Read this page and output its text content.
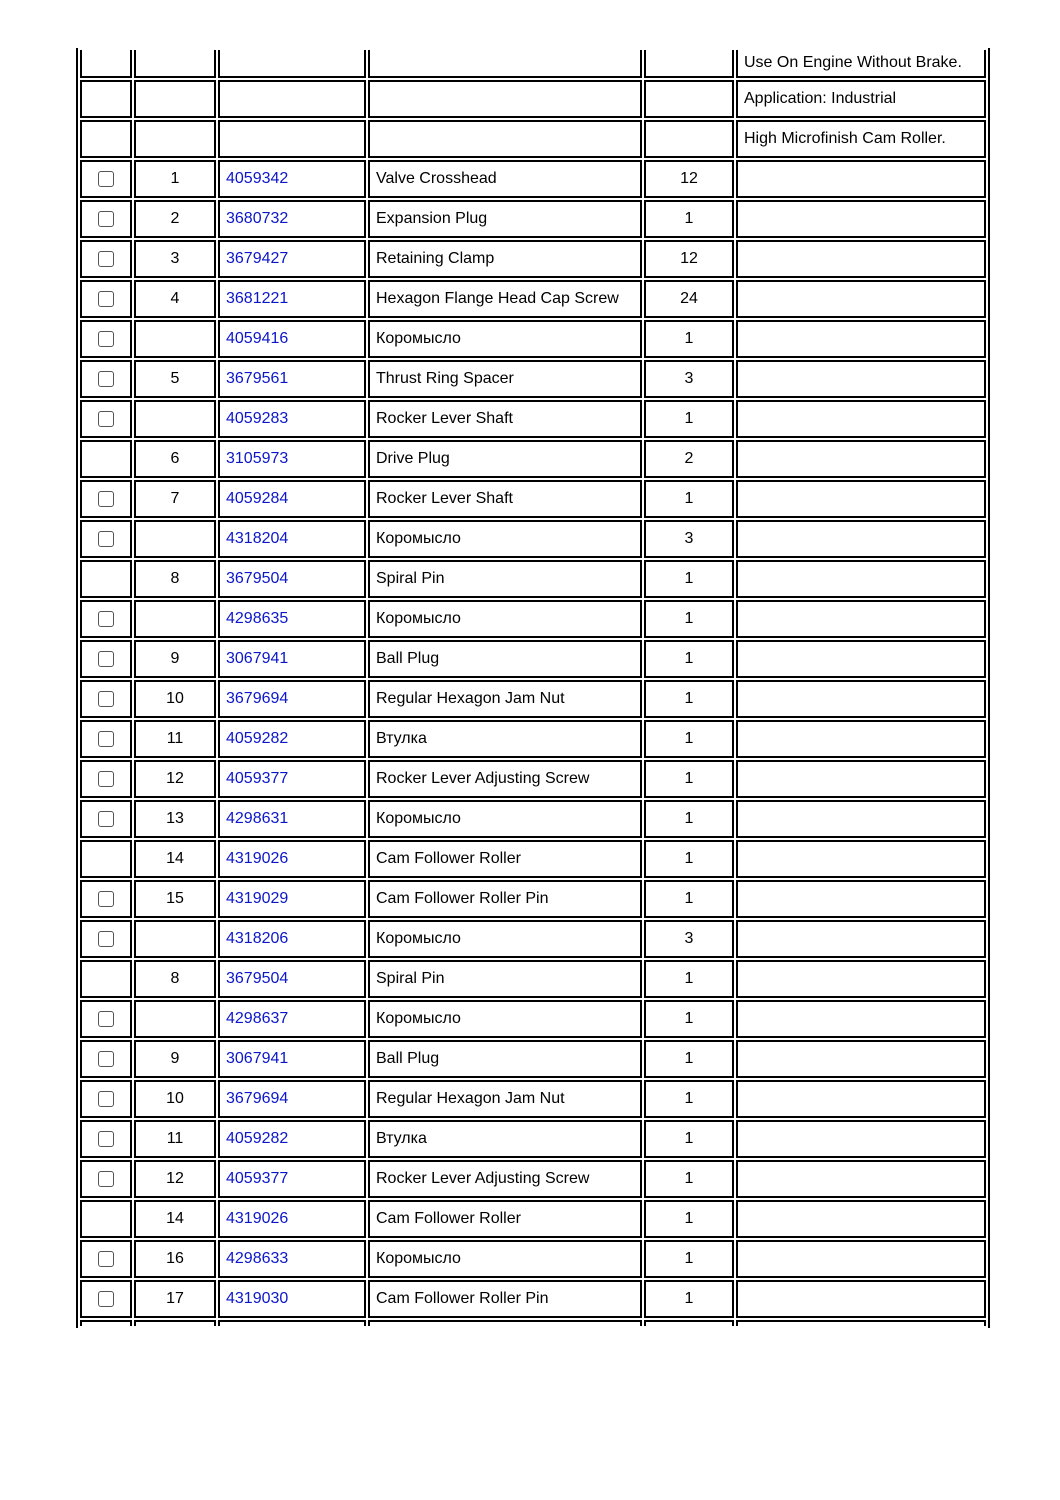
					Use On Engine Without Brake.
					Application: Industrial
					High Microfinish Cam Roller.
	1	4059342	Valve Crosshead	12	
	2	3680732	Expansion Plug	1	
	3	3679427	Retaining Clamp	12	
	4	3681221	Hexagon Flange Head Cap Screw	24	
		4059416	Коромысло	1	
	5	3679561	Thrust Ring Spacer	3	
		4059283	Rocker Lever Shaft	1	
	6	3105973	Drive Plug	2	
	7	4059284	Rocker Lever Shaft	1	
		4318204	Коромысло	3	
	8	3679504	Spiral Pin	1	
		4298635	Коромысло	1	
	9	3067941	Ball Plug	1	
	10	3679694	Regular Hexagon Jam Nut	1	
	11	4059282	Втулка	1	
	12	4059377	Rocker Lever Adjusting Screw	1	
	13	4298631	Коромысло	1	
	14	4319026	Cam Follower Roller	1	
	15	4319029	Cam Follower Roller Pin	1	
		4318206	Коромысло	3	
	8	3679504	Spiral Pin	1	
		4298637	Коромысло	1	
	9	3067941	Ball Plug	1	
	10	3679694	Regular Hexagon Jam Nut	1	
	11	4059282	Втулка	1	
	12	4059377	Rocker Lever Adjusting Screw	1	
	14	4319026	Cam Follower Roller	1	
	16	4298633	Коромысло	1	
	17	4319030	Cam Follower Roller Pin	1	
